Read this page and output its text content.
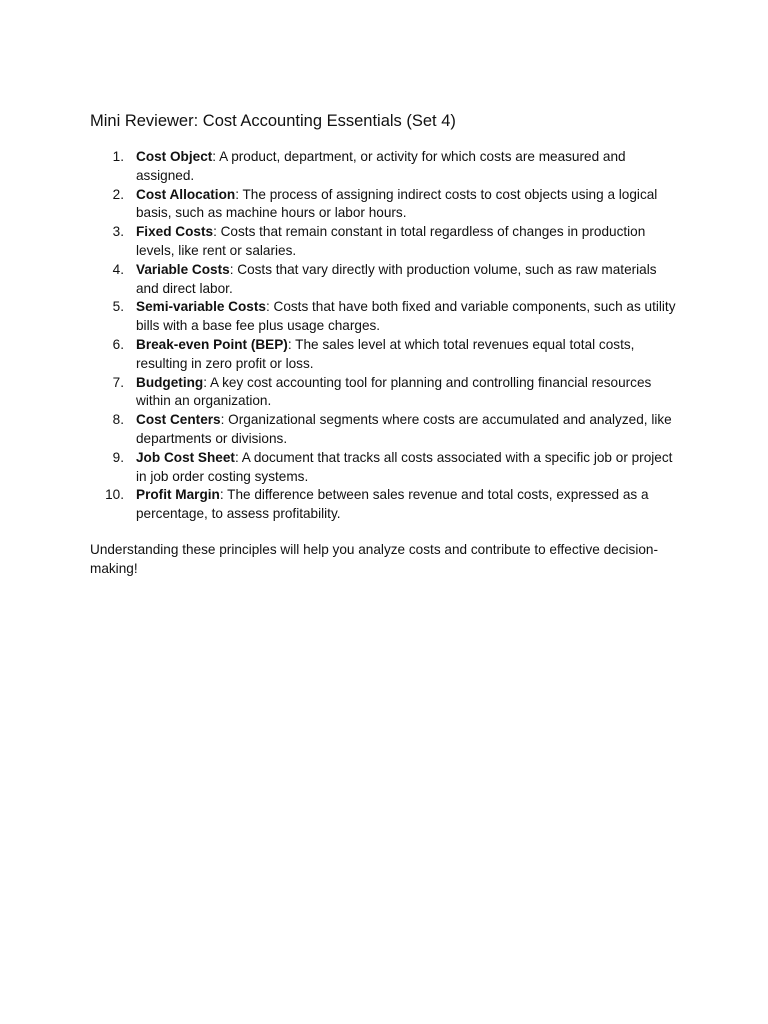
Mini Reviewer: Cost Accounting Essentials (Set 4)
1. Cost Object: A product, department, or activity for which costs are measured and assigned.
2. Cost Allocation: The process of assigning indirect costs to cost objects using a logical basis, such as machine hours or labor hours.
3. Fixed Costs: Costs that remain constant in total regardless of changes in production levels, like rent or salaries.
4. Variable Costs: Costs that vary directly with production volume, such as raw materials and direct labor.
5. Semi-variable Costs: Costs that have both fixed and variable components, such as utility bills with a base fee plus usage charges.
6. Break-even Point (BEP): The sales level at which total revenues equal total costs, resulting in zero profit or loss.
7. Budgeting: A key cost accounting tool for planning and controlling financial resources within an organization.
8. Cost Centers: Organizational segments where costs are accumulated and analyzed, like departments or divisions.
9. Job Cost Sheet: A document that tracks all costs associated with a specific job or project in job order costing systems.
10. Profit Margin: The difference between sales revenue and total costs, expressed as a percentage, to assess profitability.

Understanding these principles will help you analyze costs and contribute to effective decision-making!
